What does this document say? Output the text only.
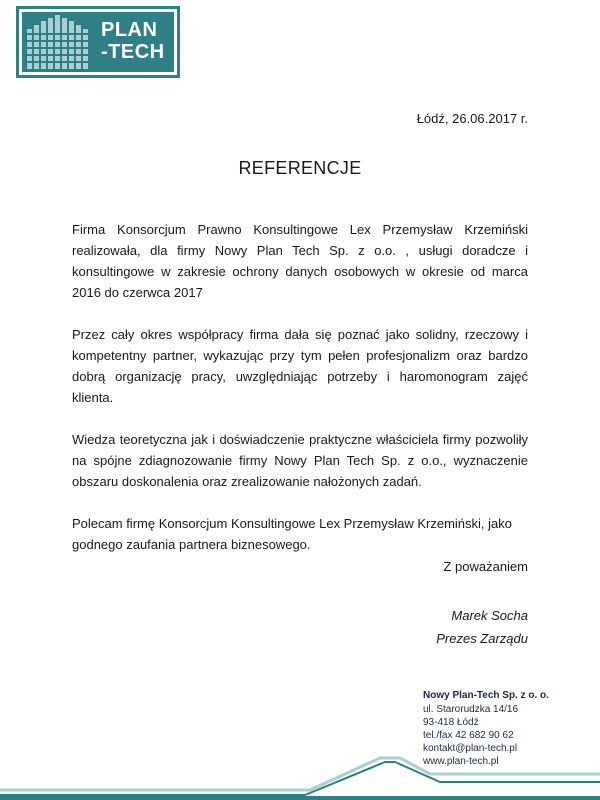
PLAN
-TECH
Łódź, 26.06.2017 r.
REFERENCJE

Firma Konsorcjum Prawno Konsultingowe Lex Przemysław Krzemiński realizowała, dla firmy Nowy Plan Tech Sp. z o.o. , usługi doradcze i konsultingowe w zakresie ochrony danych osobowych w okresie od marca 2016 do czerwca 2017

Przez cały okres współpracy firma dała się poznać jako solidny, rzeczowy i kompetentny partner, wykazując przy tym pełen profesjonalizm oraz bardzo dobrą organizację pracy, uwzględniając potrzeby i haromonogram zajęć klienta.

Wiedza teoretyczna jak i doświadczenie praktyczne właściciela firmy pozwoliły na spójne zdiagnozowanie firmy Nowy Plan Tech Sp. z o.o., wyznaczenie obszaru doskonalenia oraz zrealizowanie nałożonych zadań.

Polecam firmę Konsorcjum Konsultingowe Lex Przemysław Krzemiński, jako godnego zaufania partnera biznesowego.

Z poważaniem
Marek Socha
Prezes Zarządu
Nowy Plan-Tech Sp. z o. o.
ul. Starorudzka 14/16
93-418 Łódź
tel./fax 42 682 90 62
kontakt@plan-tech.pl
www.plan-tech.pl
